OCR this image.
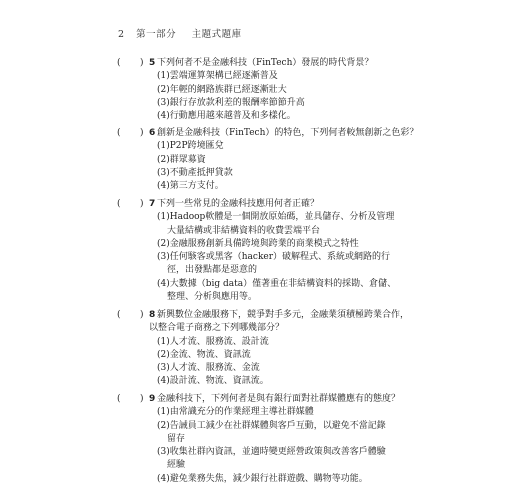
2 第一部分 主題式題庫
( ) 5 下列何者不是金融科技（FinTech）發展的時代背景？
(1)雲端運算架構已經逐漸普及
(2)年輕的網路族群已經逐漸壯大
(3)銀行存放款利差的報酬率節節升高
(4)行動應用越來越普及和多樣化。
( ) 6 創新是金融科技（FinTech）的特色，下列何者較無創新之色彩？
(1)P2P跨境匯兌
(2)群眾募資
(3)不動產抵押貸款
(4)第三方支付。
( ) 7 下列一些常見的金融科技應用何者正確？
(1)Hadoop軟體是一個開放原始碼，並具儲存、分析及管理
大量結構或非結構資料的收費雲端平台
(2)金融服務創新具備跨境與跨業的商業模式之特性
(3)任何駭客或黑客（hacker）破解程式、系統或網路的行
徑，出發點都是惡意的
(4)大數據（big data）僅著重在非結構資料的採勘、倉儲、
整理、分析與應用等。
( ) 8 新興數位金融服務下，競爭對手多元，金融業須積極跨業合作，
以整合電子商務之下列哪幾部分？
(1)人才流、服務流、設計流
(2)金流、物流、資訊流
(3)人才流、服務流、金流
(4)設計流、物流、資訊流。
( ) 9 金融科技下，下列何者是與有銀行面對社群媒體應有的態度？
(1)由常識充分的作業經理主導社群媒體
(2)告誡員工減少在社群媒體與客戶互動，以避免不當記錄
留存
(3)收集社群內資訊，並適時變更經營政策與改善客戶體驗
經驗
(4)避免業務失焦，減少銀行社群遊戲、購物等功能。
